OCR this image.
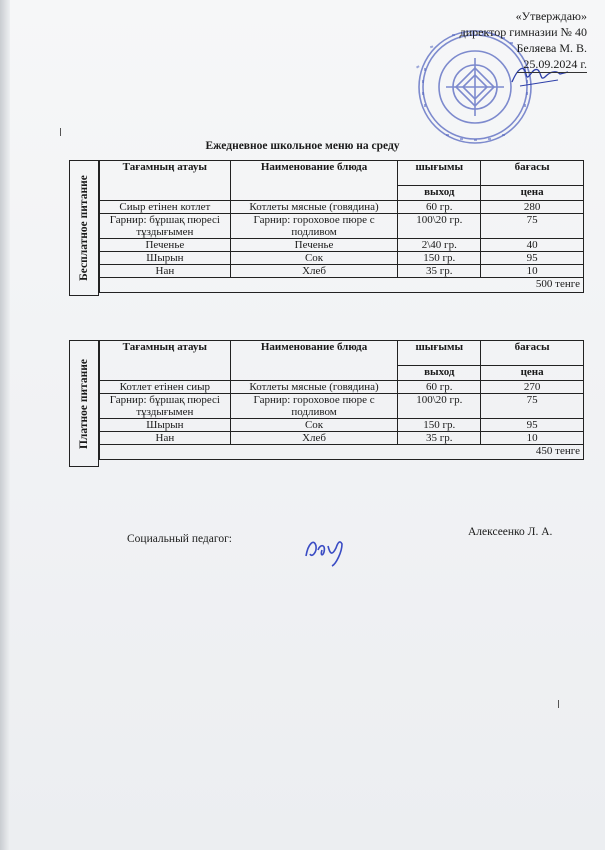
«Утверждаю»
директор гимназии № 40
Беляева М. В.
25.09.2024 г.
Ежедневное школьное меню на среду
Бесплатное питание
Тағамның атауы	Наименование блюда	шығымы	бағасы
		выход	цена
Сиыр етінен котлет	Котлеты мясные (говядина)	60 гр.	280
Гарнир: бұршақ пюресі тұздығымен	Гарнир: гороховое пюре с подливом	100\20 гр.	75
Печенье	Печенье	2\40 гр.	40
Шырын	Сок	150 гр.	95
Нан	Хлеб	35 гр.	10
500 тенге			
Платное питание
Тағамның атауы	Наименование блюда	шығымы	бағасы
		выход	цена
Котлет етінен сиыр	Котлеты мясные (говядина)	60 гр.	270
Гарнир: бұршақ пюресі тұздығымен	Гарнир: гороховое пюре с подливом	100\20 гр.	75
Шырын	Сок	150 гр.	95
Нан	Хлеб	35 гр.	10
450 тенге			
Социальный педагог:
Алексеенко Л. А.
